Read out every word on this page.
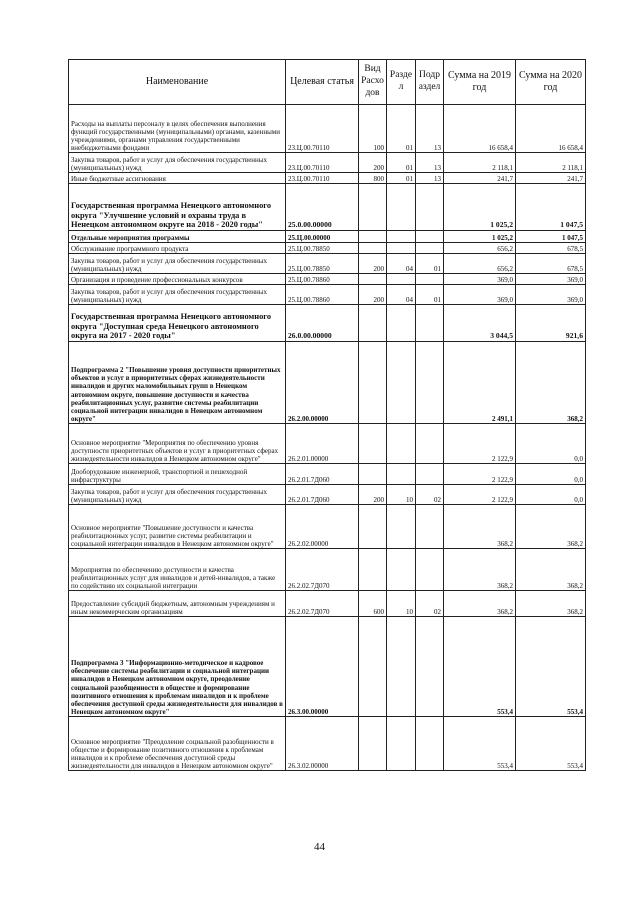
Наименование	Целевая статья	Вид Расхо дов	Разде л	Подр аздел	Сумма на 2019 год	Сумма на 2020 год
Расходы на выплаты персоналу в целях обеспечения выполнения функций государственными (муниципальными) органами, казенными учреждениями, органами управления государственными внебюджетными фондами	23.Ц.00.70110	100	01	13	16 658,4	16 658,4
Закупка товаров, работ и услуг для обеспечения государственных (муниципальных) нужд	23.Ц.00.70110	200	01	13	2 118,1	2 118,1
Иные бюджетные ассигнования	23.Ц.00.70110	800	01	13	241,7	241,7
Государственная программа Ненецкого автономного округа "Улучшение условий и охраны труда в Ненецком автономном округе на 2018 - 2020 годы"	25.0.00.00000				1 025,2	1 047,5
Отдельные мероприятия программы	25.Ц.00.00000				1 025,2	1 047,5
Обслуживание программного продукта	25.Ц.00.78850				656,2	678,5
Закупка товаров, работ и услуг для обеспечения государственных (муниципальных) нужд	25.Ц.00.78850	200	04	01	656,2	678,5
Организация и проведение профессиональных конкурсов	25.Ц.00.78860				369,0	369,0
Закупка товаров, работ и услуг для обеспечения государственных (муниципальных) нужд	25.Ц.00.78860	200	04	01	369,0	369,0
Государственная программа Ненецкого автономного округа "Доступная среда Ненецкого автономного округа на 2017 - 2020 годы"	26.0.00.00000				3 044,5	921,6
Подпрограмма 2 "Повышение уровня доступности приоритетных объектов и услуг в приоритетных сферах жизнедеятельности инвалидов и других маломобильных групп в Ненецком автономном округе, повышение доступности и качества реабилитационных услуг, развитие системы реабилитации социальной интеграции инвалидов в Ненецком автономном округе"	26.2.00.00000				2 491,1	368,2
Основное мероприятие "Мероприятия по обеспечению уровня доступности приоритетных объектов и услуг в приоритетных сферах жизнедеятельности инвалидов в Ненецком автономном округе"	26.2.01.00000				2 122,9	0,0
Дооборудование инженерной, транспортной и пешеходной инфраструктуры	26.2.01.7Д060				2 122,9	0,0
Закупка товаров, работ и услуг для обеспечения государственных (муниципальных) нужд	26.2.01.7Д060	200	10	02	2 122,9	0,0
Основное мероприятие "Повышение доступности и качества реабилитационных услуг, развитие системы реабилитации и социальной интеграции инвалидов в Ненецком автономном округе"	26.2.02.00000				368,2	368,2
Мероприятия по обеспечению доступности и качества реабилитационных услуг для инвалидов и детей-инвалидов, а также по содействию их социальной интеграции	26.2.02.7Д070				368,2	368,2
Предоставление субсидий бюджетным, автономным учреждениям и иным некоммерческим организациям	26.2.02.7Д070	600	10	02	368,2	368,2
Подпрограмма 3 "Информационно-методическое и кадровое обеспечение системы реабилитации и социальной интеграции инвалидов в Ненецком автономном округе, преодоление социальной разобщенности в обществе и формирование позитивного отношения к проблемам инвалидов и к проблеме обеспечения доступной среды жизнедеятельности для инвалидов в Ненецком автономном округе"	26.3.00.00000				553,4	553,4
Основное мероприятие "Преодоление социальной разобщенности в обществе и формирование позитивного отношения к проблемам инвалидов и к проблеме обеспечения доступной среды жизнедеятельности для инвалидов в Ненецком автономном округе"	26.3.02.00000				553,4	553,4
44
